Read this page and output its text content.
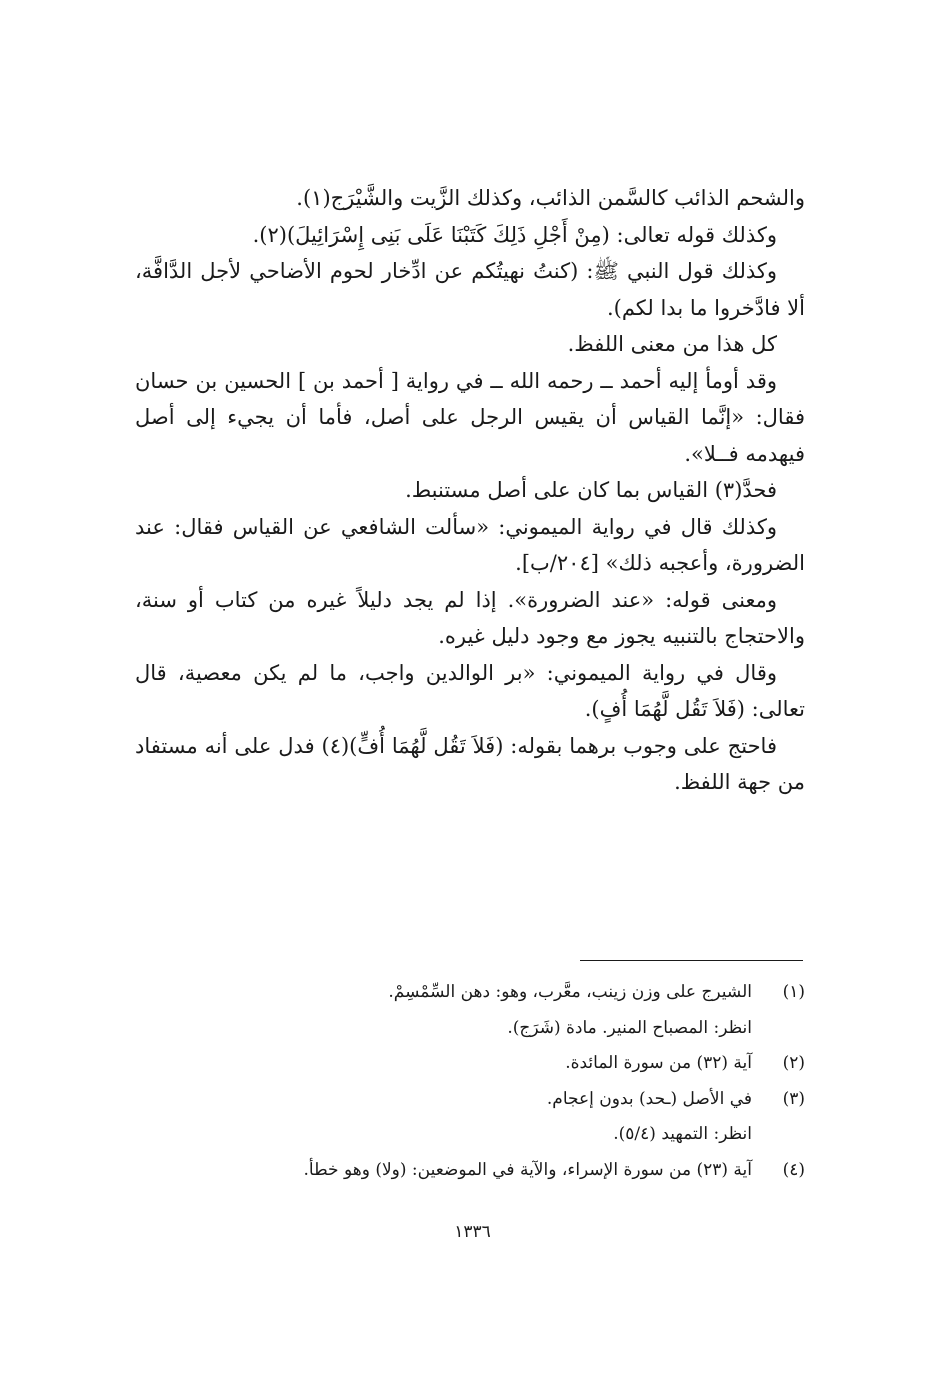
والشحم الذائب كالسَّمن الذائب، وكذلك الزَّيت والشَّيْرَج(١).

وكذلك قوله تعالى: (مِنْ أَجْلِ ذَلِكَ كَتَبْنَا عَلَى بَنِى إِسْرَائِيلَ)(٢).

وكذلك قول النبي ﷺ: (كنتُ نهيتُكم عن ادِّخار لحوم الأضاحي لأجل الدَّافَّة، ألا فادَّخروا ما بدا لكم).

كل هذا من معنى اللفظ.

وقد أومأ إليه أحمد ــ رحمه الله ــ في رواية [ أحمد بن ] الحسين بن حسان فقال: «إنَّما القياس أن يقيس الرجل على أصل، فأما أن يجيء إلى أصل فيهدمه فــلا».

فحدَّ(٣) القياس بما كان على أصل مستنبط.

وكذلك قال في رواية الميموني: «سألت الشافعي عن القياس فقال: عند الضرورة، وأعجبه ذلك» [٢٠٤/ب].

ومعنى قوله: «عند الضرورة». إذا لم يجد دليلاً غيره من كتاب أو سنة، والاحتجاج بالتنبيه يجوز مع وجود دليل غيره.

وقال في رواية الميموني: «بر الوالدين واجب، ما لم يكن معصية، قال تعالى: (فَلاَ تَقُل لَّهُمَا أُفٍ).

فاحتج على وجوب برهما بقوله: (فَلاَ تَقُل لَّهُمَا أُفٍّ)(٤) فدل على أنه مستفاد من جهة اللفظ.

(١)
الشيرج على وزن زينب، معَّرب، وهو: دهن السِّمْسِمْ.
انظر: المصباح المنير. مادة (شَرَج).
(٢)
آية (٣٢) من سورة المائدة.
(٣)
في الأصل (ـحد) بدون إعجام.
انظر: التمهيد (٥/٤).
(٤)
آية (٢٣) من سورة الإسراء، والآية في الموضعين: (ولا) وهو خطأ.
١٣٣٦
